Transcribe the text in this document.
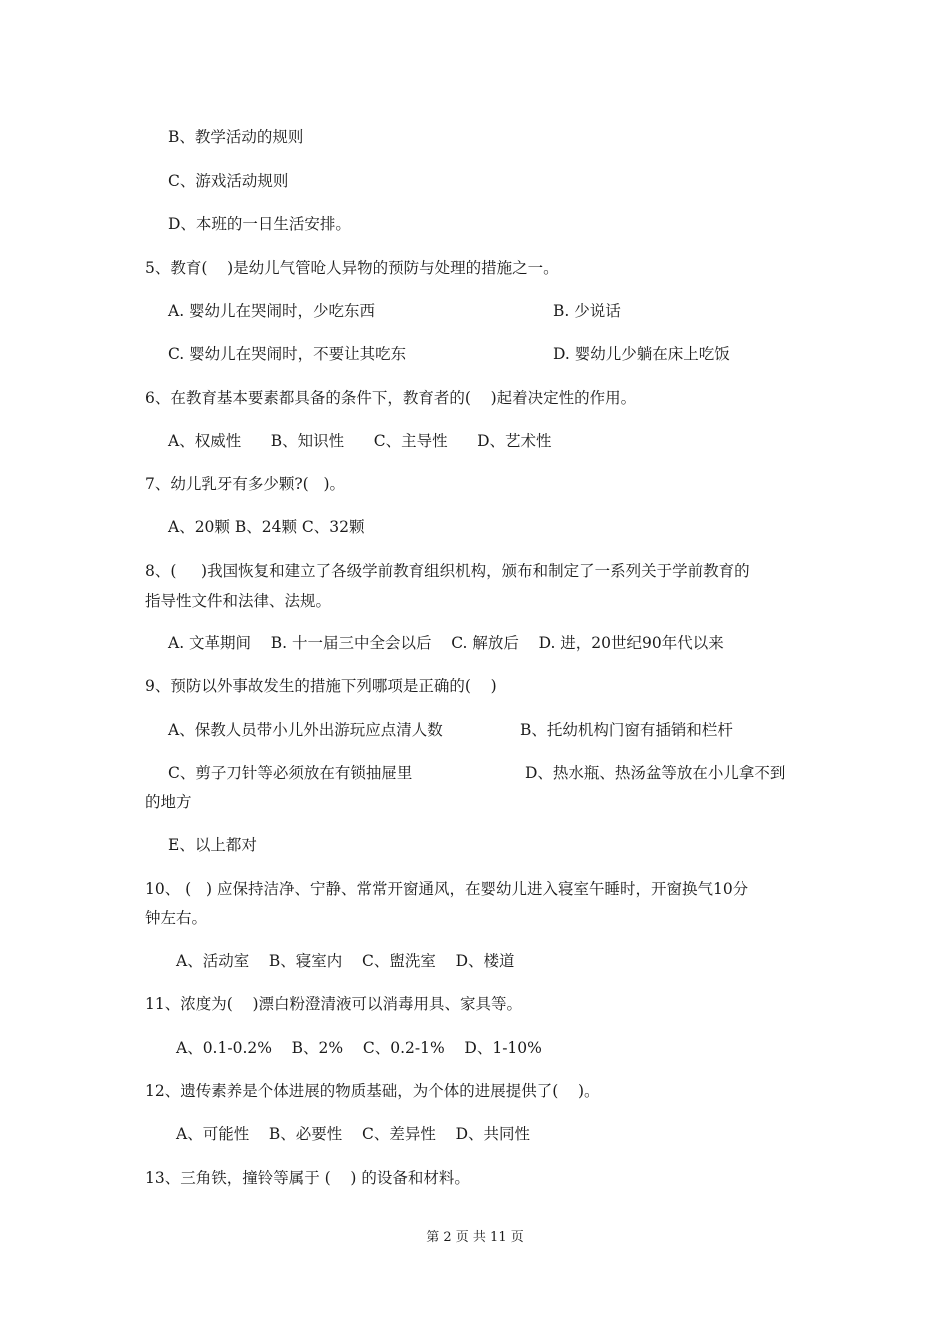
B、教学活动的规则
C、游戏活动规则
D、本班的一日生活安排。
5、教育(    )是幼儿气管呛人异物的预防与处理的措施之一。
A. 婴幼儿在哭闹时，少吃东西	B. 少说话
C. 婴幼儿在哭闹时，不要让其吃东	D. 婴幼儿少躺在床上吃饭
6、在教育基本要素都具备的条件下，教育者的(    )起着决定性的作用。
A、权威性      B、知识性      C、主导性      D、艺术性
7、幼儿乳牙有多少颗?(   )。
A、20颗 B、24颗 C、32颗
8、(     )我国恢复和建立了各级学前教育组织机构，颁布和制定了一系列关于学前教育的
指导性文件和法律、法规。
A. 文革期间    B. 十一届三中全会以后    C. 解放后    D. 进，20世纪90年代以来
9、预防以外事故发生的措施下列哪项是正确的(    )
A、保教人员带小儿外出游玩应点清人数	B、托幼机构门窗有插销和栏杆
C、剪子刀针等必须放在有锁抽屉里	D、热水瓶、热汤盆等放在小儿拿不到
的地方
E、以上都对
10、 (   ) 应保持洁净、宁静、常常开窗通风，在婴幼儿进入寝室午睡时，开窗换气10分
钟左右。
A、活动室    B、寝室内    C、盥洗室    D、楼道
11、浓度为(    )漂白粉澄清液可以消毒用具、家具等。
A、0.1-0.2%    B、2%    C、0.2-1%    D、1-10%
12、遗传素养是个体进展的物质基础，为个体的进展提供了(    )。
A、可能性    B、必要性    C、差异性    D、共同性
13、三角铁，撞铃等属于 (    ) 的设备和材料。
第 2 页 共 11 页
